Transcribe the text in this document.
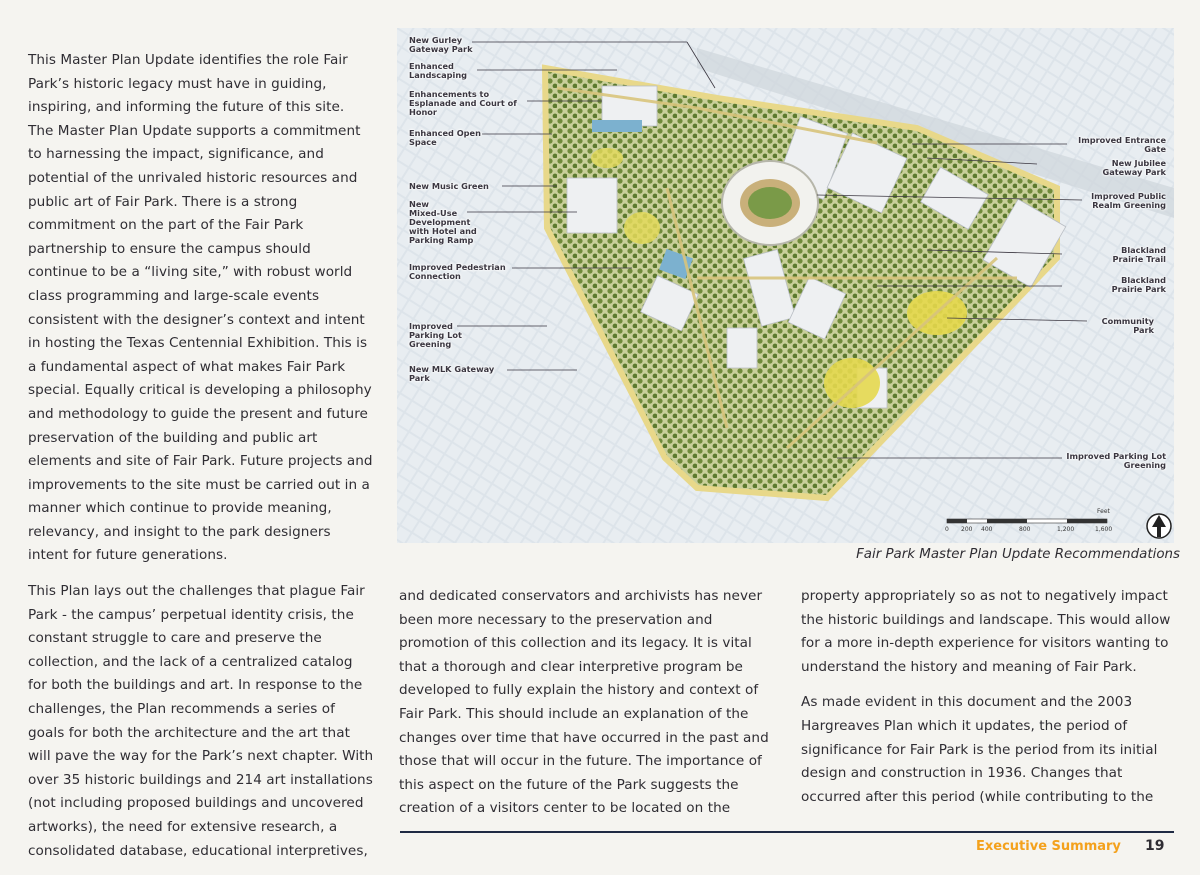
This Master Plan Update identifies the role Fair Park’s historic legacy must have in guiding, inspiring, and informing the future of this site. The Master Plan Update supports a commitment to harnessing the impact, significance, and potential of the unrivaled historic resources and public art of Fair Park. There is a strong commitment on the part of the Fair Park partnership to ensure the campus should continue to be a “living site,” with robust world class programming and large-scale events consistent with the designer’s context and intent in hosting the Texas Centennial Exhibition. This is a fundamental aspect of what makes Fair Park special. Equally critical is developing a philosophy and methodology to guide the present and future preservation of the building and public art elements and site of Fair Park. Future projects and improvements to the site must be carried out in a manner which continue to provide meaning, relevancy, and insight to the park designers intent for future generations.

This Plan lays out the challenges that plague Fair Park - the campus’ perpetual identity crisis, the constant struggle to care and preserve the collection, and the lack of a centralized catalog for both the buildings and art. In response to the challenges, the Plan recommends a series of goals for both the architecture and the art that will pave the way for the Park’s next chapter. With over 35 historic buildings and 214 art installations (not including proposed buildings and uncovered artworks), the need for extensive research, a consolidated database, educational interpretives,

New Gurley
Gateway Park
Enhanced
Landscaping
Enhancements to
Esplanade and Court of
Honor
Enhanced Open
Space
New Music Green
New
Mixed-Use
Development
with Hotel and
Parking Ramp
Improved Pedestrian
Connection
Improved
Parking Lot
Greening
New MLK Gateway
Park
Improved Entrance
Gate
New Jubilee
Gateway Park
Improved Public
Realm Greening
Blackland
Prairie Trail
Blackland
Prairie Park
Community
Park
Improved Parking Lot
Greening
0 200 400	800	1,200	1,600
Feet
Fair Park Master Plan Update Recommendations

and dedicated conservators and archivists has never been more necessary to the preservation and promotion of this collection and its legacy. It is vital that a thorough and clear interpretive program be developed to fully explain the history and context of Fair Park. This should include an explanation of the changes over time that have occurred in the past and those that will occur in the future. The importance of this aspect on the future of the Park suggests the creation of a visitors center to be located on the

property appropriately so as not to negatively impact the historic buildings and landscape. This would allow for a more in-depth experience for visitors wanting to understand the history and meaning of Fair Park.

As made evident in this document and the 2003 Hargreaves Plan which it updates, the period of significance for Fair Park is the period from its initial design and construction in 1936. Changes that occurred after this period (while contributing to the

Executive Summary 19
